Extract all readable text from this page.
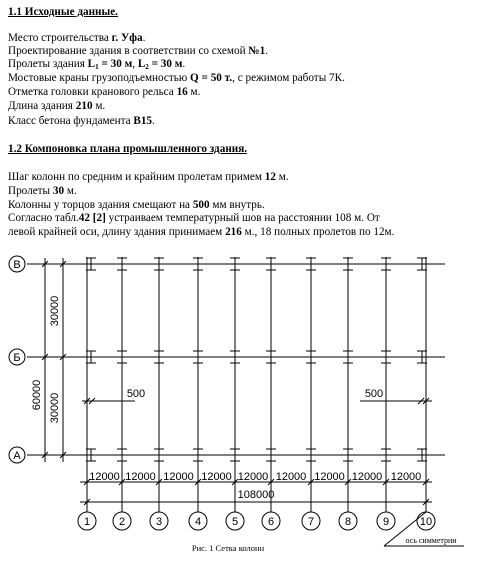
1.1 Исходные данные.
Место строительства г. Уфа.
Проектирование здания в соответствии со схемой №1.
Пролеты здания $L_1 = 30$ м, $L_2 = 30$ м.
Мостовые краны грузоподъемностью Q = 50 т., с режимом работы 7К.
Отметка головки кранового рельса 16 м.
Длина здания 210 м.
Класс бетона фундамента B15.
1.2 Компоновка плана промышленного здания.
Шаг колонн по средним и крайним пролетам примем 12 м.
Пролеты 30 м.
Колонны у торцов здания смещают на 500 мм внутрь.
Согласно табл.42 [2] устраиваем температурный шов на расстоянии 108 м. От
левой крайней оси, длину здания принимаем 216 м., 18 полных пролетов по 12м.
В
Б
А
1	2	3	4	5	6	7	8	9	10
30000
30000
60000	500	500
12000 12000 12000 12000 12000 12000 12000 12000 12000
108000
ось симметрии
Рис. 1 Сетка колонн
